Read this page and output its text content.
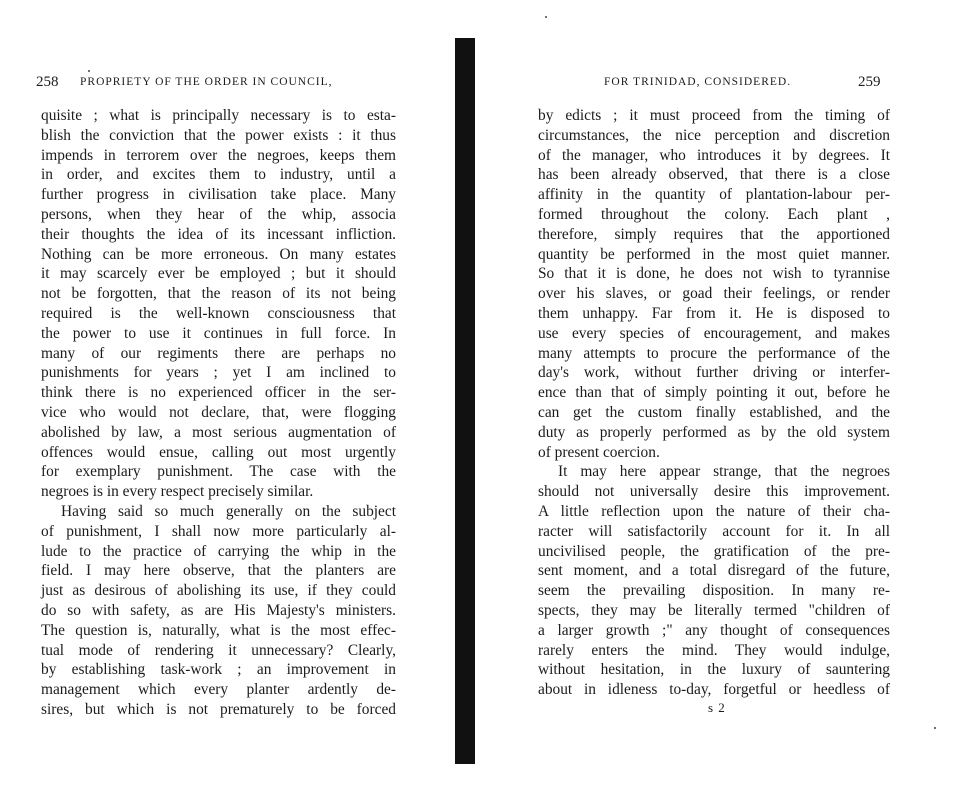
258 PROPRIETY OF THE ORDER IN COUNCIL,
quisite ; what is principally necessary is to esta-
blish the conviction that the power exists : it thus
impends in terrorem over the negroes, keeps them
in order, and excites them to industry, until a
further progress in civilisation take place. Many
persons, when they hear of the whip, associa
their thoughts the idea of its incessant infliction.
Nothing can be more erroneous. On many estates
it may scarcely ever be employed ; but it should
not be forgotten, that the reason of its not being
required is the well-known consciousness that
the power to use it continues in full force. In
many of our regiments there are perhaps no
punishments for years ; yet I am inclined to
think there is no experienced officer in the ser-
vice who would not declare, that, were flogging
abolished by law, a most serious augmentation of
offences would ensue, calling out most urgently
for exemplary punishment. The case with the
negroes is in every respect precisely similar.
Having said so much generally on the subject
of punishment, I shall now more particularly al-
lude to the practice of carrying the whip in the
field. I may here observe, that the planters are
just as desirous of abolishing its use, if they could
do so with safety, as are His Majesty's ministers.
The question is, naturally, what is the most effec-
tual mode of rendering it unnecessary? Clearly,
by establishing task-work ; an improvement in
management which every planter ardently de-
sires, but which is not prematurely to be forced
FOR TRINIDAD, CONSIDERED.	259
by edicts ; it must proceed from the timing of
circumstances, the nice perception and discretion
of the manager, who introduces it by degrees. It
has been already observed, that there is a close
affinity in the quantity of plantation-labour per-
formed throughout the colony. Each plant ,
therefore, simply requires that the apportioned
quantity be performed in the most quiet manner.
So that it is done, he does not wish to tyrannise
over his slaves, or goad their feelings, or render
them unhappy. Far from it. He is disposed to
use every species of encouragement, and makes
many attempts to procure the performance of the
day's work, without further driving or interfer-
ence than that of simply pointing it out, before he
can get the custom finally established, and the
duty as properly performed as by the old system
of present coercion.
It may here appear strange, that the negroes
should not universally desire this improvement.
A little reflection upon the nature of their cha-
racter will satisfactorily account for it. In all
uncivilised people, the gratification of the pre-
sent moment, and a total disregard of the future,
seem the prevailing disposition. In many re-
spects, they may be literally termed "children of
a larger growth ;" any thought of consequences
rarely enters the mind. They would indulge,
without hesitation, in the luxury of sauntering
about in idleness to-day, forgetful or heedless of
s 2
